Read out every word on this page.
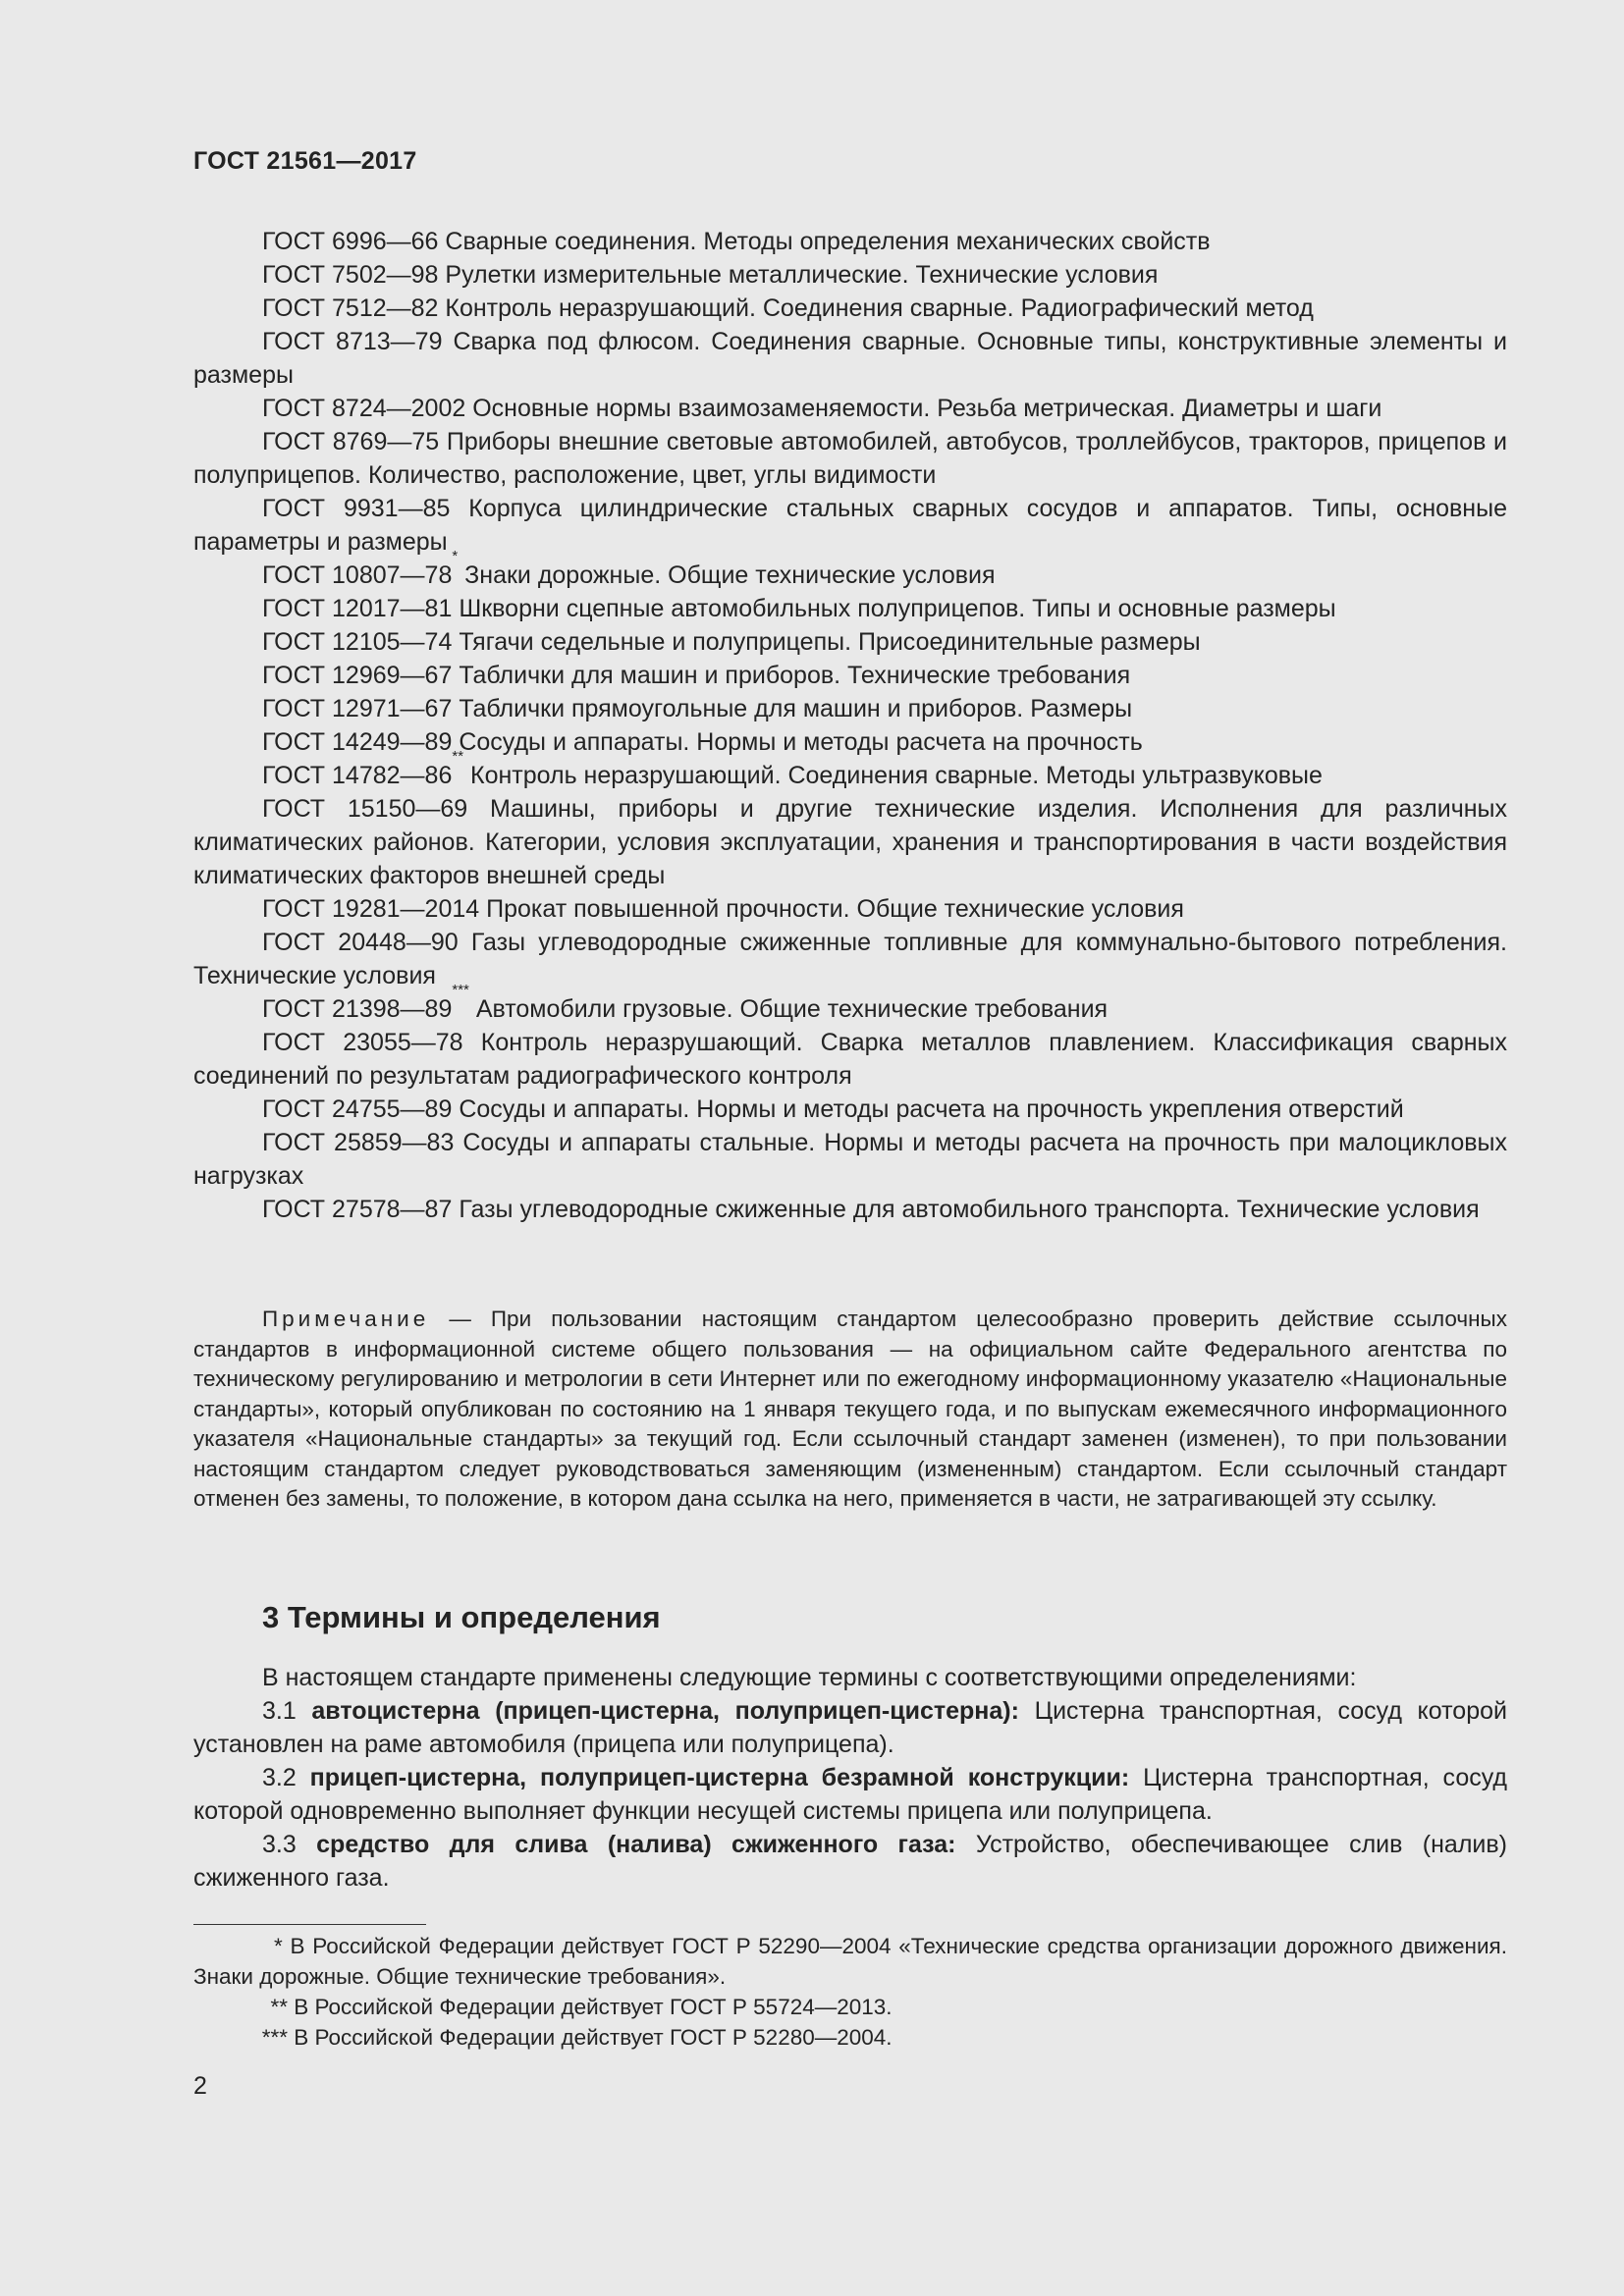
ГОСТ 21561—2017
ГОСТ 6996—66 Сварные соединения. Методы определения механических свойств
ГОСТ 7502—98 Рулетки измерительные металлические. Технические условия
ГОСТ 7512—82 Контроль неразрушающий. Соединения сварные. Радиографический метод
ГОСТ 8713—79 Сварка под флюсом. Соединения сварные. Основные типы, конструктивные элементы и размеры
ГОСТ 8724—2002 Основные нормы взаимозаменяемости. Резьба метрическая. Диаметры и шаги
ГОСТ 8769—75 Приборы внешние световые автомобилей, автобусов, троллейбусов, тракторов, прицепов и полуприцепов. Количество, расположение, цвет, углы видимости
ГОСТ 9931—85 Корпуса цилиндрические стальных сварных сосудов и аппаратов. Типы, основные параметры и размеры
ГОСТ 10807—78* Знаки дорожные. Общие технические условия
ГОСТ 12017—81 Шкворни сцепные автомобильных полуприцепов. Типы и основные размеры
ГОСТ 12105—74 Тягачи седельные и полуприцепы. Присоединительные размеры
ГОСТ 12969—67 Таблички для машин и приборов. Технические требования
ГОСТ 12971—67 Таблички прямоугольные для машин и приборов. Размеры
ГОСТ 14249—89 Сосуды и аппараты. Нормы и методы расчета на прочность
ГОСТ 14782—86** Контроль неразрушающий. Соединения сварные. Методы ультразвуковые
ГОСТ 15150—69 Машины, приборы и другие технические изделия. Исполнения для различных климатических районов. Категории, условия эксплуатации, хранения и транспортирования в части воздействия климатических факторов внешней среды
ГОСТ 19281—2014 Прокат повышенной прочности. Общие технические условия
ГОСТ 20448—90 Газы углеводородные сжиженные топливные для коммунально-бытового потребления. Технические условия
ГОСТ 21398—89*** Автомобили грузовые. Общие технические требования
ГОСТ 23055—78 Контроль неразрушающий. Сварка металлов плавлением. Классификация сварных соединений по результатам радиографического контроля
ГОСТ 24755—89 Сосуды и аппараты. Нормы и методы расчета на прочность укрепления отверстий
ГОСТ 25859—83 Сосуды и аппараты стальные. Нормы и методы расчета на прочность при малоцикловых нагрузках
ГОСТ 27578—87 Газы углеводородные сжиженные для автомобильного транспорта. Технические условия
Примечание — При пользовании настоящим стандартом целесообразно проверить действие ссылочных стандартов в информационной системе общего пользования — на официальном сайте Федерального агентства по техническому регулированию и метрологии в сети Интернет или по ежегодному информационному указателю «Национальные стандарты», который опубликован по состоянию на 1 января текущего года, и по выпускам ежемесячного информационного указателя «Национальные стандарты» за текущий год. Если ссылочный стандарт заменен (изменен), то при пользовании настоящим стандартом следует руководствоваться заменяющим (измененным) стандартом. Если ссылочный стандарт отменен без замены, то положение, в котором дана ссылка на него, применяется в части, не затрагивающей эту ссылку.
3 Термины и определения
В настоящем стандарте применены следующие термины с соответствующими определениями:
3.1 автоцистерна (прицеп-цистерна, полуприцеп-цистерна): Цистерна транспортная, сосуд которой установлен на раме автомобиля (прицепа или полуприцепа).
3.2 прицеп-цистерна, полуприцеп-цистерна безрамной конструкции: Цистерна транспортная, сосуд которой одновременно выполняет функции несущей системы прицепа или полуприцепа.
3.3 средство для слива (налива) сжиженного газа: Устройство, обеспечивающее слив (налив) сжиженного газа.
* В Российской Федерации действует ГОСТ Р 52290—2004 «Технические средства организации дорожного движения. Знаки дорожные. Общие технические требования».
** В Российской Федерации действует ГОСТ Р 55724—2013.
*** В Российской Федерации действует ГОСТ Р 52280—2004.
2
